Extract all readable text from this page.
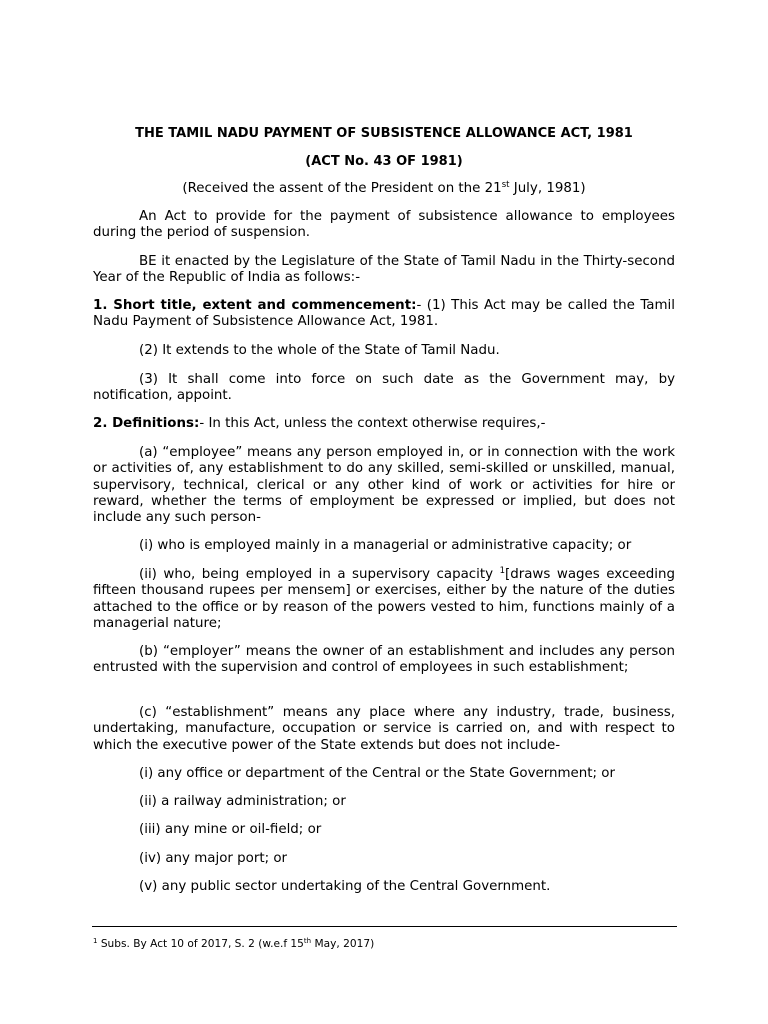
THE TAMIL NADU PAYMENT OF SUBSISTENCE ALLOWANCE ACT, 1981
(ACT No. 43 OF 1981)
(Received the assent of the President on the 21st July, 1981)
An Act to provide for the payment of subsistence allowance to employees during the period of suspension.
BE it enacted by the Legislature of the State of Tamil Nadu in the Thirty-second Year of the Republic of India as follows:-
1. Short title, extent and commencement:- (1) This Act may be called the Tamil Nadu Payment of Subsistence Allowance Act, 1981.
(2) It extends to the whole of the State of Tamil Nadu.
(3) It shall come into force on such date as the Government may, by notification, appoint.
2. Definitions:- In this Act, unless the context otherwise requires,-
(a) “employee” means any person employed in, or in connection with the work or activities of, any establishment to do any skilled, semi-skilled or unskilled, manual, supervisory, technical, clerical or any other kind of work or activities for hire or reward, whether the terms of employment be expressed or implied, but does not include any such person-
(i) who is employed mainly in a managerial or administrative capacity; or
(ii) who, being employed in a supervisory capacity $^1$[draws wages exceeding fifteen thousand rupees per mensem] or exercises, either by the nature of the duties attached to the office or by reason of the powers vested to him, functions mainly of a managerial nature;
(b) “employer” means the owner of an establishment and includes any person entrusted with the supervision and control of employees in such establishment;
(c) “establishment” means any place where any industry, trade, business, undertaking, manufacture, occupation or service is carried on, and with respect to which the executive power of the State extends but does not include-
(i) any office or department of the Central or the State Government; or
(ii) a railway administration; or
(iii) any mine or oil-field; or
(iv) any major port; or
(v) any public sector undertaking of the Central Government.
$^1$ Subs. By Act 10 of 2017, S. 2 (w.e.f 15th May, 2017)
